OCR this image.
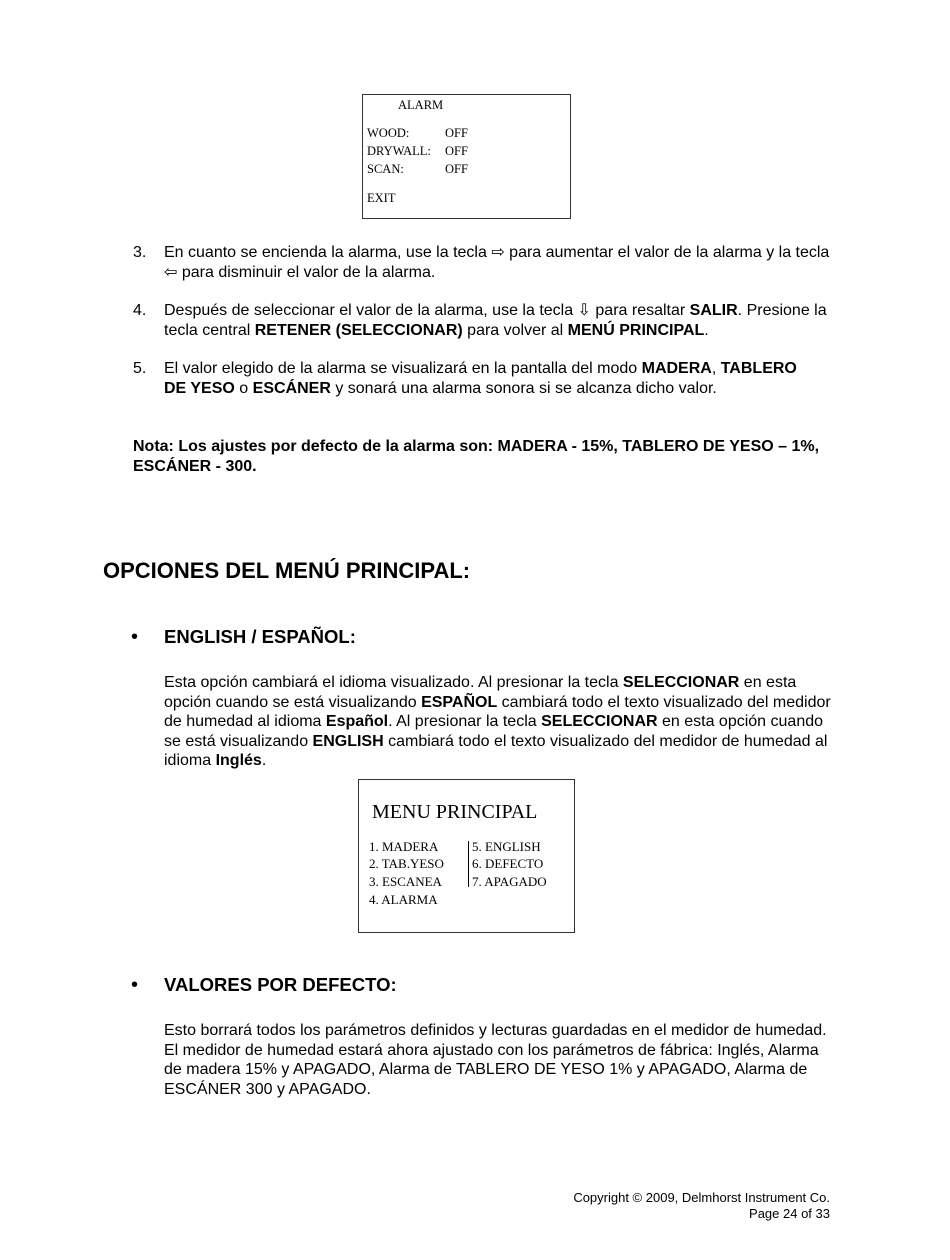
ALARM
WOOD:	OFF
DRYWALL: OFF
SCAN:	OFF
EXIT
3. En cuanto se encienda la alarma, use la tecla ⇨ para aumentar el valor de la alarma y la tecla ⇦ para disminuir el valor de la alarma.
4. Después de seleccionar el valor de la alarma, use la tecla ⇩ para resaltar SALIR. Presione la tecla central RETENER (SELECCIONAR) para volver al MENÚ PRINCIPAL.
5. El valor elegido de la alarma se visualizará en la pantalla del modo MADERA, TABLERO DE YESO o ESCÁNER y sonará una alarma sonora si se alcanza dicho valor.
Nota: Los ajustes por defecto de la alarma son: MADERA - 15%, TABLERO DE YESO – 1%, ESCÁNER - 300.
OPCIONES DEL MENÚ PRINCIPAL:
• ENGLISH / ESPAÑOL:
Esta opción cambiará el idioma visualizado. Al presionar la tecla SELECCIONAR en esta opción cuando se está visualizando ESPAÑOL cambiará todo el texto visualizado del medidor de humedad al idioma Español. Al presionar la tecla SELECCIONAR en esta opción cuando se está visualizando ENGLISH cambiará todo el texto visualizado del medidor de humedad al idioma Inglés.
MENU PRINCIPAL
1. MADERA
2. TAB.YESO
3. ESCANEA
4. ALARMA
5. ENGLISH
6. DEFECTO
7. APAGADO
• VALORES POR DEFECTO:
Esto borrará todos los parámetros definidos y lecturas guardadas en el medidor de humedad. El medidor de humedad estará ahora ajustado con los parámetros de fábrica: Inglés, Alarma de madera 15% y APAGADO, Alarma de TABLERO DE YESO 1% y APAGADO, Alarma de ESCÁNER 300 y APAGADO.
Copyright © 2009, Delmhorst Instrument Co.
Page 24 of 33
